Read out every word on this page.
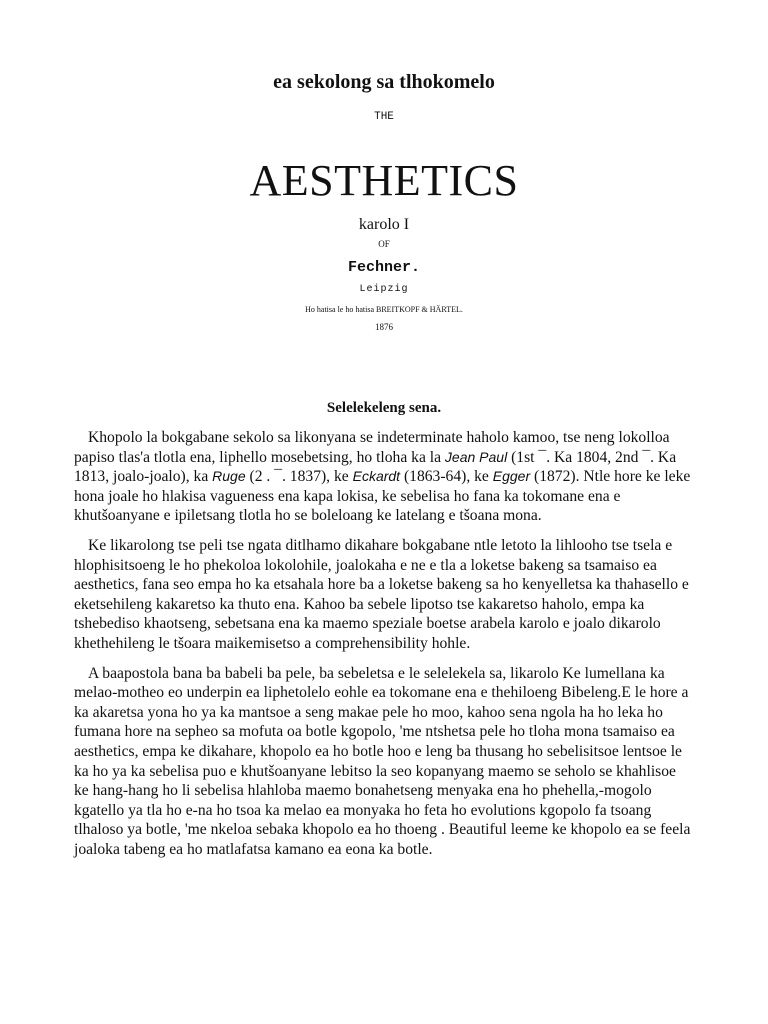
ea sekolong sa tlhokomelo
THE
AESTHETICS
karolo I
OF
Fechner.
Leipzig
Ho hatisa le ho hatisa BREITKOPF & HÄRTEL.
1876
Selelekeleng sena.

Khopolo la bokgabane sekolo sa likonyana se indeterminate haholo kamoo, tse neng lokolloa papiso tlas'a tlotla ena, liphello mosebetsing, ho tloha ka la Jean Paul (1st ¯. Ka 1804, 2nd ¯. Ka 1813, joalo-joalo), ka Ruge (2 . ¯. 1837), ke Eckardt (1863-64), ke Egger (1872). Ntle hore ke leke hona joale ho hlakisa vagueness ena kapa lokisa, ke sebelisa ho fana ka tokomane ena e khutšoanyane e ipiletsang tlotla ho se boleloang ke latelang e tšoana mona.

Ke likarolong tse peli tse ngata ditlhamo dikahare bokgabane ntle letoto la lihlooho tse tsela e hlophisitsoeng le ho phekoloa lokolohile, joalokaha e ne e tla a loketse bakeng sa tsamaiso ea aesthetics, fana seo empa ho ka etsahala hore ba a loketse bakeng sa ho kenyelletsa ka thahasello e eketsehileng kakaretso ka thuto ena. Kahoo ba sebele lipotso tse kakaretso haholo, empa ka tshebediso khaotseng, sebetsana ena ka maemo speziale boetse arabela karolo e joalo dikarolo khethehileng le tšoara maikemisetso a comprehensibility hohle.

A baapostola bana ba babeli ba pele, ba sebeletsa e le selelekela sa, likarolo Ke lumellana ka melao-motheo eo underpin ea liphetolelo eohle ea tokomane ena e thehiloeng Bibeleng.E le hore a ka akaretsa yona ho ya ka mantsoe a seng makae pele ho moo, kahoo sena ngola ha ho leka ho fumana hore na sepheo sa mofuta oa botle kgopolo, 'me ntshetsa pele ho tloha mona tsamaiso ea aesthetics, empa ke dikahare, khopolo ea ho botle hoo e leng ba thusang ho sebelisitsoe lentsoe le ka ho ya ka sebelisa puo e khutšoanyane lebitso la seo kopanyang maemo se seholo se khahlisoe ke hang-hang ho li sebelisa hlahloba maemo bonahetseng menyaka ena ho phehella,-mogolo kgatello ya tla ho e-na ho tsoa ka melao ea monyaka ho feta ho evolutions kgopolo fa tsoang tlhaloso ya botle, 'me nkeloa sebaka khopolo ea ho thoeng . Beautiful leeme ke khopolo ea se feela joaloka tabeng ea ho matlafatsa kamano ea eona ka botle.
